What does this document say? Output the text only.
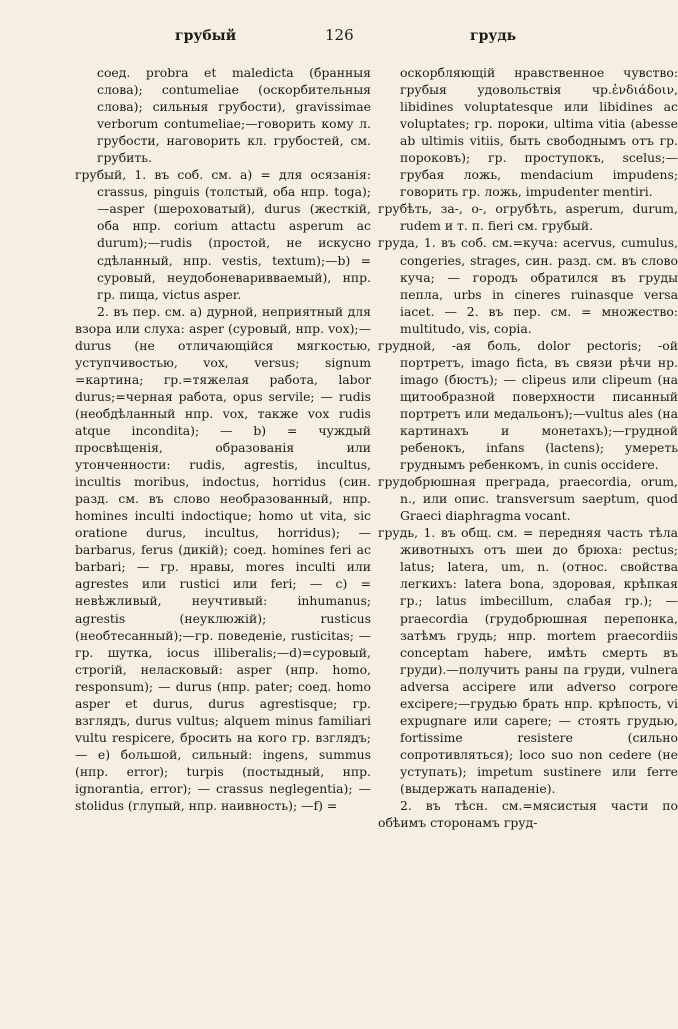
грубый	126	грудь

соед. probra et maledicta (бранныя слова); contumeliae (оскорбительныя слова); сильныя грубости), gravissimae verborum contumeliae;—говорить кому л. грубости, наговорить кл. грубостей, см. грубить.

грубый, 1. въ соб. см. а) = для осязанія: crassus, pinguis (толстый, оба нпр. toga);—asper (шероховатый), durus (жесткій, оба нпр. corium attactu asperum ac durum);—rudis (простой, не искусно сдѣланный, нпр. vestis, textum);—b) = суровый, неудобоневаривваемый), нпр. гр. пища, victus asper.

2. въ пер. см. а) дурной, неприятный для взора или слуха: asper (суровый, нпр. vox);—durus (не отличающійся мягкостью, уступчивостью, vox, versus; signum =картина; гр.=тяжелая работа, labor durus;=черная работа, opus servile; — rudis (необдѣланный нпр. vox, также vox rudis atque incondita); — b) = чуждый просвѣщенія, образованія или утонченности: rudis, agrestis, incultus, incultis moribus, indoctus, horridus (син. разд. см. въ слово необразованный, нпр. homines inculti indoctique; homo ut vita, sic oratione durus, incultus, horridus); — barbarus, ferus (дикій); соед. homines feri ac barbari; — гр. нравы, mores inculti или agrestes или rustici или feri; — с) = невѣжливый, неучтивый: inhumanus; agrestis (неуклюжій); rusticus (необтесанный);—гр. поведеніе, rusticitas; — гр. шутка, iocus illiberalis;—d)=суровый, строгій, неласковый: asper (нпр. homo, responsum); — durus (нпр. pater; соед. homo asper et durus, durus agrestisque; гр. взглядъ, durus vultus; alquem minus familiari vultu respicere, бросить на кого гр. взглядъ; — е) большой, сильный: ingens, summus (нпр. error); turpis (постыдный, нпр. ignorantia, error); — crassus neglegentia); — stolidus (глупый, нпр. наивность); —f) =

оскорбляющій нравственное чувство: грубыя удовольствія чр.ἐνδιάδοιν, libidines voluptatesque или libidines ac voluptates; гр. пороки, ultima vitia (abesse ab ultimis vitiis, быть свободнымъ отъ гр. пороковъ); гр. проступокъ, scelus;—грубая ложь, mendacium impudens; говорить гр. ложь, impudenter mentiri.

грубѣть, за-, о-, огрубѣть, asperum, durum, rudem и т. п. fieri см. грубый.

груда, 1. въ соб. см.=куча: acervus, cumulus, congeries, strages, син. разд. см. въ слово куча; — городъ обратился въ груды пепла, urbs in cineres ruinasque versa iacet. — 2. въ пер. см. = множество: multitudo, vis, copia.

грудной, -ая боль, dolor pectoris; -ой портретъ, imago ficta, въ связи рѣчи нр. imago (бюстъ); — clipeus или clipeum (на щитообразной поверхности писанный портретъ или медальонъ);—vultus ales (на картинахъ и монетахъ);—грудной ребенокъ, infans (lactens); умереть груднымъ ребенкомъ, in cunis occidere.

грудобрюшная преграда, praecordia, orum, n., или опис. transversum saeptum, quod Graeci diaphragma vocant.

грудь, 1. въ общ. см. = передняя часть тѣла животныхъ отъ шеи до брюха: pectus; latus; latera, um, n. (относ. свойства легкихъ: latera bona, здоровая, крѣпкая гр.; latus imbecillum, слабая гр.); —praecordia (грудобрюшная перепонка, затѣмъ грудь; нпр. mortem praecordiis conceptam habere, имѣть смерть въ груди).—получить раны па груди, vulnera adversa accipere или adverso corpore excipere;—грудью брать нпр. крѣпость, vi expugnare или capere; — стоять грудью, fortissime resistere (сильно сопротивляться); loco suo non cedere (не уступать); impetum sustinere или ferre (выдержать нападеніе).

2. въ тѣсн. см.=мясистыя части по обѣимъ сторонамъ груд-
